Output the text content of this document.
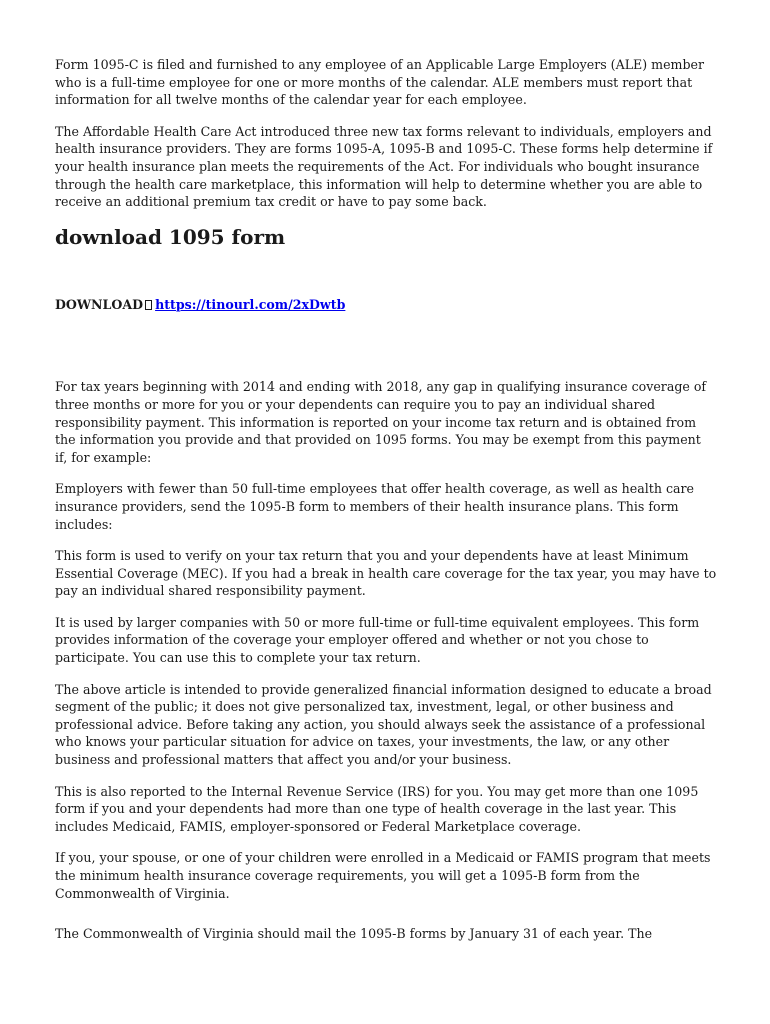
Form 1095-C is filed and furnished to any employee of an Applicable Large Employers (ALE) member who is a full-time employee for one or more months of the calendar. ALE members must report that information for all twelve months of the calendar year for each employee.

The Affordable Health Care Act introduced three new tax forms relevant to individuals, employers and health insurance providers. They are forms 1095-A, 1095-B and 1095-C. These forms help determine if your health insurance plan meets the requirements of the Act. For individuals who bought insurance through the health care marketplace, this information will help to determine whether you are able to receive an additional premium tax credit or have to pay some back.

download 1095 form
DOWNLOAD https://tinourl.com/2xDwtb

For tax years beginning with 2014 and ending with 2018, any gap in qualifying insurance coverage of three months or more for you or your dependents can require you to pay an individual shared responsibility payment. This information is reported on your income tax return and is obtained from the information you provide and that provided on 1095 forms. You may be exempt from this payment if, for example:

Employers with fewer than 50 full-time employees that offer health coverage, as well as health care insurance providers, send the 1095-B form to members of their health insurance plans. This form includes:

This form is used to verify on your tax return that you and your dependents have at least Minimum Essential Coverage (MEC). If you had a break in health care coverage for the tax year, you may have to pay an individual shared responsibility payment.

It is used by larger companies with 50 or more full-time or full-time equivalent employees. This form provides information of the coverage your employer offered and whether or not you chose to participate. You can use this to complete your tax return.

The above article is intended to provide generalized financial information designed to educate a broad segment of the public; it does not give personalized tax, investment, legal, or other business and professional advice. Before taking any action, you should always seek the assistance of a professional who knows your particular situation for advice on taxes, your investments, the law, or any other business and professional matters that affect you and/or your business.

This is also reported to the Internal Revenue Service (IRS) for you. You may get more than one 1095 form if you and your dependents had more than one type of health coverage in the last year. This includes Medicaid, FAMIS, employer-sponsored or Federal Marketplace coverage.

If you, your spouse, or one of your children were enrolled in a Medicaid or FAMIS program that meets the minimum health insurance coverage requirements, you will get a 1095-B form from the Commonwealth of Virginia.

The Commonwealth of Virginia should mail the 1095-B forms by January 31 of each year. The
